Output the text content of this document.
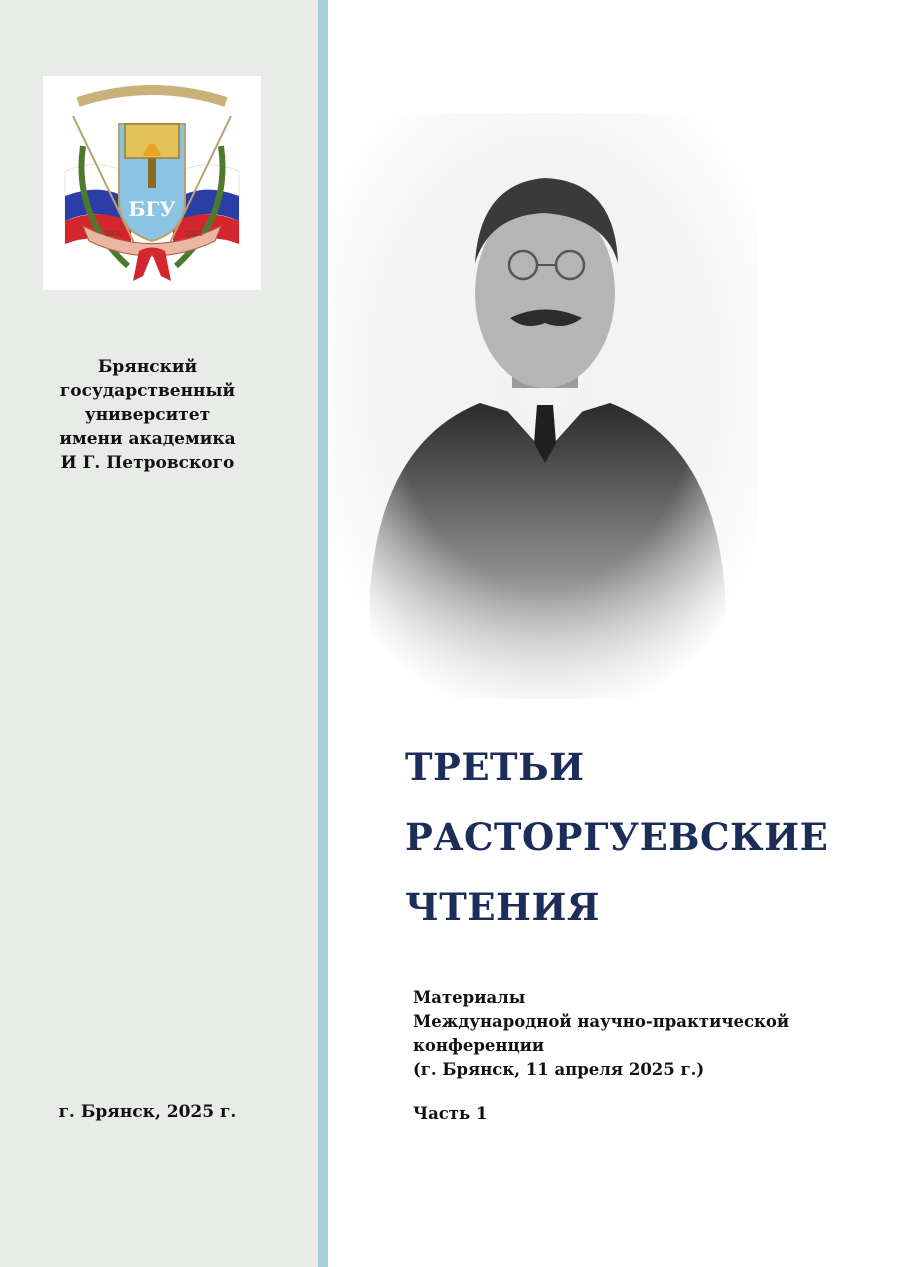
БГУ
1930	2005
Брянский
государственный
университет
имени академика
И Г. Петровского
г. Брянск, 2025 г.
ТРЕТЬИ
РАСТОРГУЕВСКИЕ
ЧТЕНИЯ
Материалы
Международной научно-практической
конференции
(г. Брянск, 11 апреля 2025 г.)
Часть 1
